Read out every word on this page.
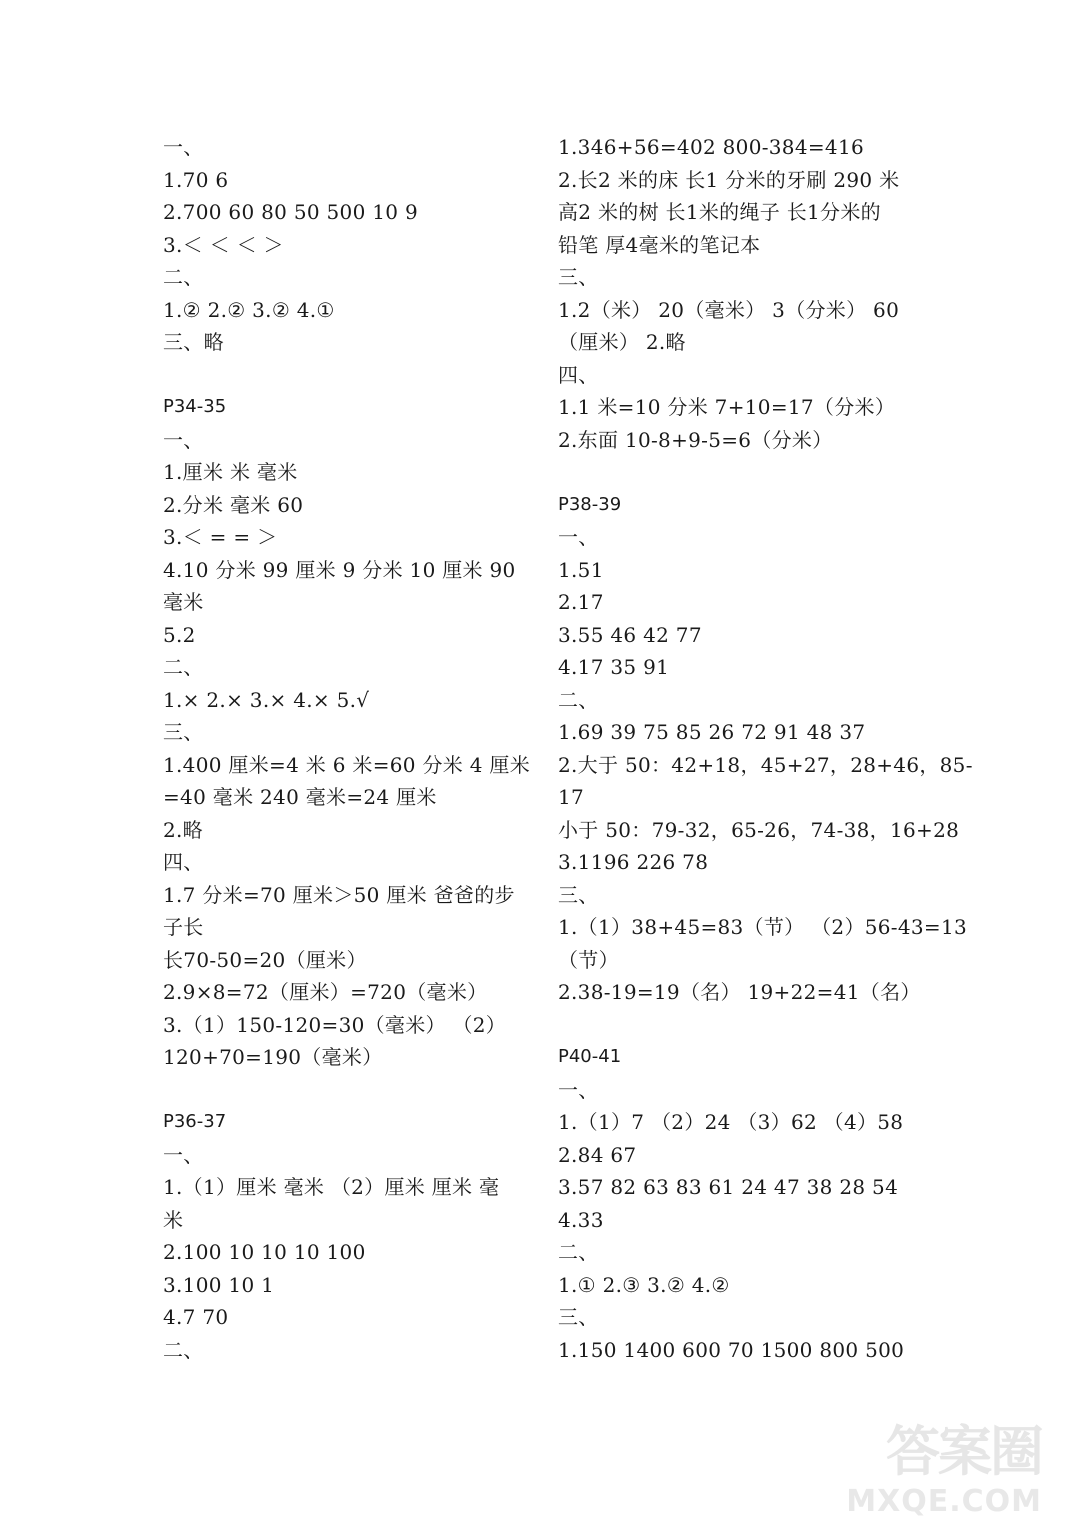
一、
1.70 6
2.700 60 80 50 500 10 9
3.＜ ＜ ＜ ＞
二、
1.② 2.② 3.② 4.①
三、略
P34-35
一、
1.厘米 米 毫米
2.分米 毫米 60
3.＜ = = ＞
4.10 分米 99 厘米 9 分米 10 厘米 90
毫米
5.2
二、
1.× 2.× 3.× 4.× 5.√
三、
1.400 厘米=4 米 6 米=60 分米 4 厘米
=40 毫米 240 毫米=24 厘米
2.略
四、
1.7 分米=70 厘米＞50 厘米 爸爸的步
子长
长70-50=20（厘米）
2.9×8=72（厘米）=720（毫米）
3.（1）150-120=30（毫米） （2）
120+70=190（毫米）
P36-37
一、
1.（1）厘米 毫米 （2）厘米 厘米 毫
米
2.100 10 10 10 100
3.100 10 1
4.7 70
二、
1.346+56=402 800-384=416
2.长2 米的床 长1 分米的牙刷 290 米
高2 米的树 长1米的绳子 长1分米的
铅笔 厚4毫米的笔记本
三、
1.2（米） 20（毫米） 3（分米） 60
（厘米） 2.略
四、
1.1 米=10 分米 7+10=17（分米）
2.东面 10-8+9-5=6（分米）
P38-39
一、
1.51
2.17
3.55 46 42 77
4.17 35 91
二、
1.69 39 75 85 26 72 91 48 37
2.大于 50：42+18，45+27，28+46，85-
17
小于 50：79-32，65-26，74-38，16+28
3.1196 226 78
三、
1.（1）38+45=83（节） （2）56-43=13
（节）
2.38-19=19（名） 19+22=41（名）
P40-41
一、
1.（1）7 （2）24 （3）62 （4）58
2.84 67
3.57 82 63 83 61 24 47 38 28 54
4.33
二、
1.① 2.③ 3.② 4.②
三、
1.150 1400 600 70 1500 800 500
答案圈
MXQE.COM
